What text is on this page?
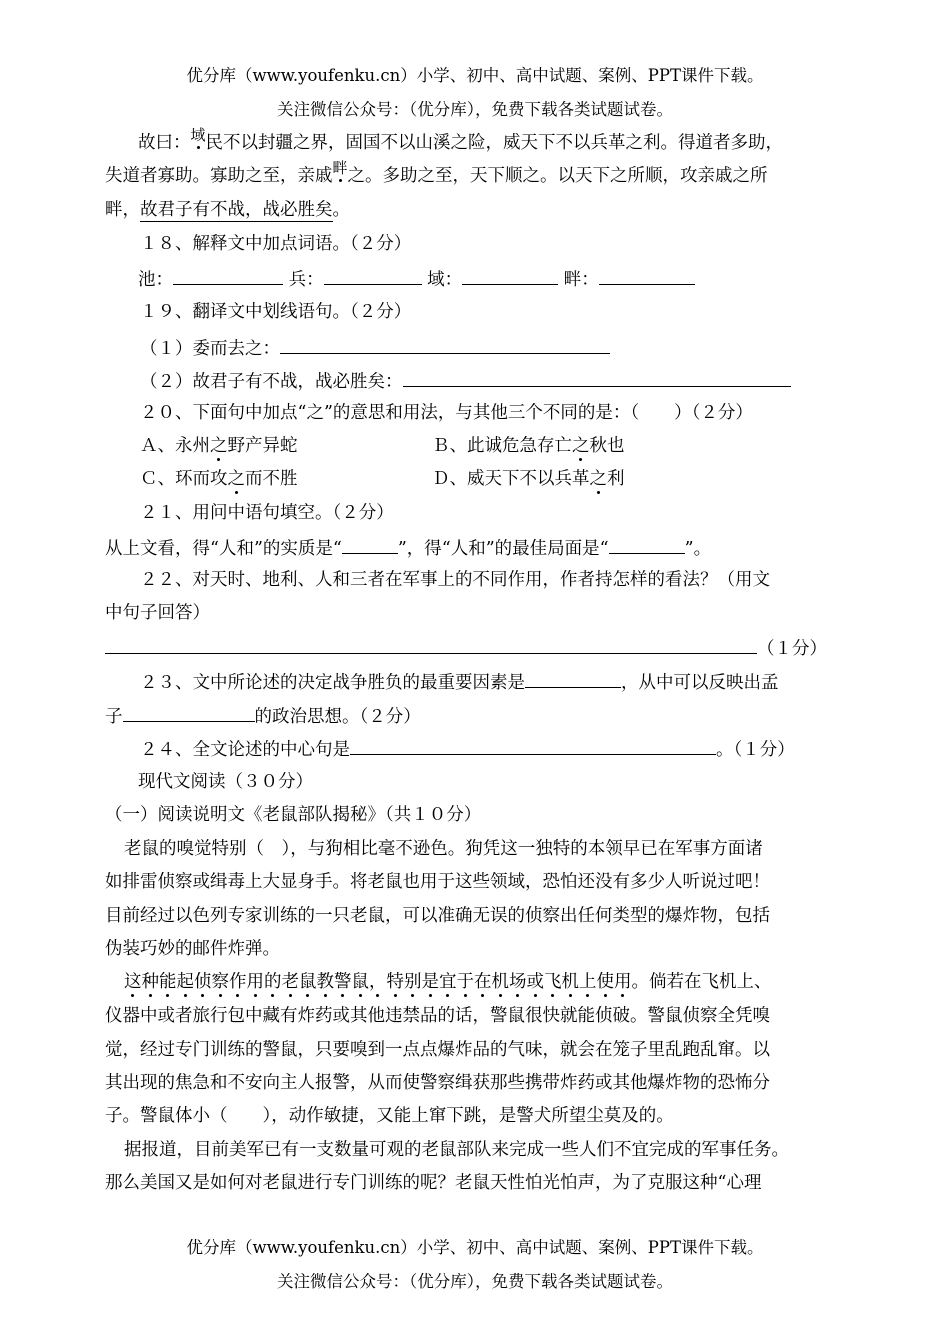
优分库（www.youfenku.cn）小学、初中、高中试题、案例、PPT课件下载。
关注微信公众号：（优分库），免费下载各类试题试卷。
故曰：域民不以封疆之界，固国不以山溪之险，威天下不以兵革之利。得道者多助，
失道者寡助。寡助之至，亲戚畔之。多助之至，天下顺之。以天下之所顺，攻亲戚之所
畔，故君子有不战，战必胜矣。
１８、解释文中加点词语。（２分）
池：	兵：	域：	畔：
１９、翻译文中划线语句。（２分）
（１）委而去之：
（２）故君子有不战，战必胜矣：
２０、下面句中加点“之”的意思和用法，与其他三个不同的是：（　　）（２分）
Ａ、永州之野产异蛇	Ｂ、此诚危急存亡之秋也
Ｃ、环而攻之而不胜	Ｄ、威天下不以兵革之利
２１、用问中语句填空。（２分）
从上文看，得“人和”的实质是“	”，得“人和”的最佳局面是“	”。
２２、对天时、地利、人和三者在军事上的不同作用，作者持怎样的看法？（用文
中句子回答）
（１分）
２３、文中所论述的决定战争胜负的最重要因素是	，从中可以反映出孟
子	的政治思想。（２分）
２４、全文论述的中心句是	。（１分）
现代文阅读（３０分）
（一）阅读说明文《老鼠部队揭秘》（共１０分）
老鼠的嗅觉特别（　），与狗相比毫不逊色。狗凭这一独特的本领早已在军事方面诸
如排雷侦察或缉毒上大显身手。将老鼠也用于这些领域，恐怕还没有多少人听说过吧！
目前经过以色列专家训练的一只老鼠，可以准确无误的侦察出任何类型的爆炸物，包括
伪装巧妙的邮件炸弹。
这种能起侦察作用的老鼠教警鼠，特别是宜于在机场或飞机上使用。倘若在飞机上、
仪器中或者旅行包中藏有炸药或其他违禁品的话，警鼠很快就能侦破。警鼠侦察全凭嗅
觉，经过专门训练的警鼠，只要嗅到一点点爆炸品的气味，就会在笼子里乱跑乱窜。以
其出现的焦急和不安向主人报警，从而使警察缉获那些携带炸药或其他爆炸物的恐怖分
子。警鼠体小（　　），动作敏捷，又能上窜下跳，是警犬所望尘莫及的。
据报道，目前美军已有一支数量可观的老鼠部队来完成一些人们不宜完成的军事任务。
那么美国又是如何对老鼠进行专门训练的呢？老鼠天性怕光怕声，为了克服这种“心理
优分库（www.youfenku.cn）小学、初中、高中试题、案例、PPT课件下载。
关注微信公众号：（优分库），免费下载各类试题试卷。
